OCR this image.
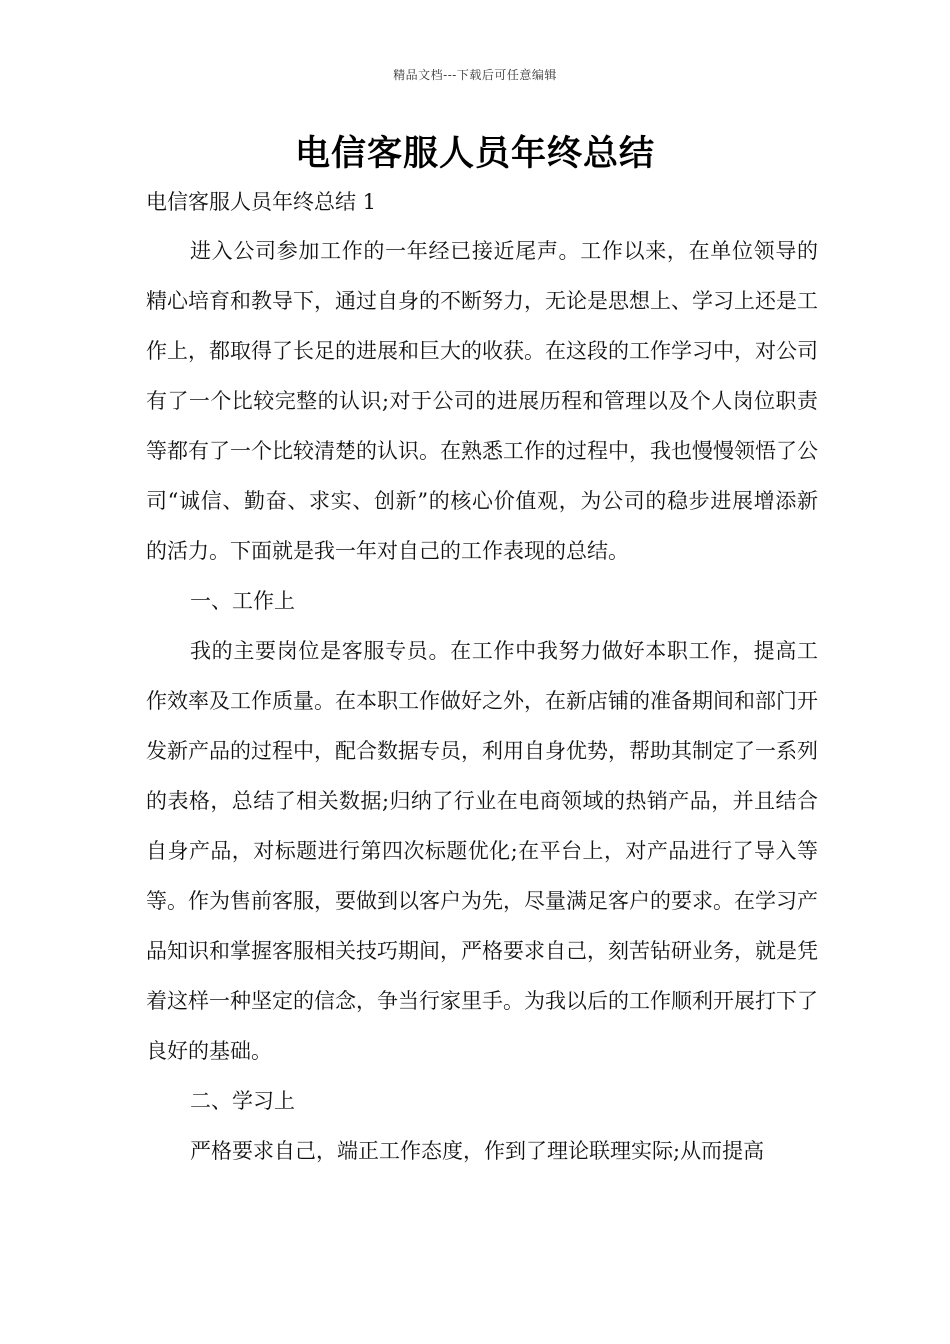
精品文档---下载后可任意编辑
电信客服人员年终总结
电信客服人员年终总结 1

进入公司参加工作的一年经已接近尾声。工作以来，在单位领导的精心培育和教导下，通过自身的不断努力，无论是思想上、学习上还是工作上，都取得了长足的进展和巨大的收获。在这段的工作学习中，对公司有了一个比较完整的认识;对于公司的进展历程和管理以及个人岗位职责等都有了一个比较清楚的认识。在熟悉工作的过程中，我也慢慢领悟了公司“诚信、勤奋、求实、创新”的核心价值观，为公司的稳步进展增添新的活力。下面就是我一年对自己的工作表现的总结。

一、工作上

我的主要岗位是客服专员。在工作中我努力做好本职工作，提高工作效率及工作质量。在本职工作做好之外，在新店铺的准备期间和部门开发新产品的过程中，配合数据专员，利用自身优势，帮助其制定了一系列的表格，总结了相关数据;归纳了行业在电商领域的热销产品，并且结合自身产品，对标题进行第四次标题优化;在平台上，对产品进行了导入等等。作为售前客服，要做到以客户为先，尽量满足客户的要求。在学习产品知识和掌握客服相关技巧期间，严格要求自己，刻苦钻研业务，就是凭着这样一种坚定的信念，争当行家里手。为我以后的工作顺利开展打下了良好的基础。

二、学习上

严格要求自己，端正工作态度，作到了理论联理实际;从而提高
